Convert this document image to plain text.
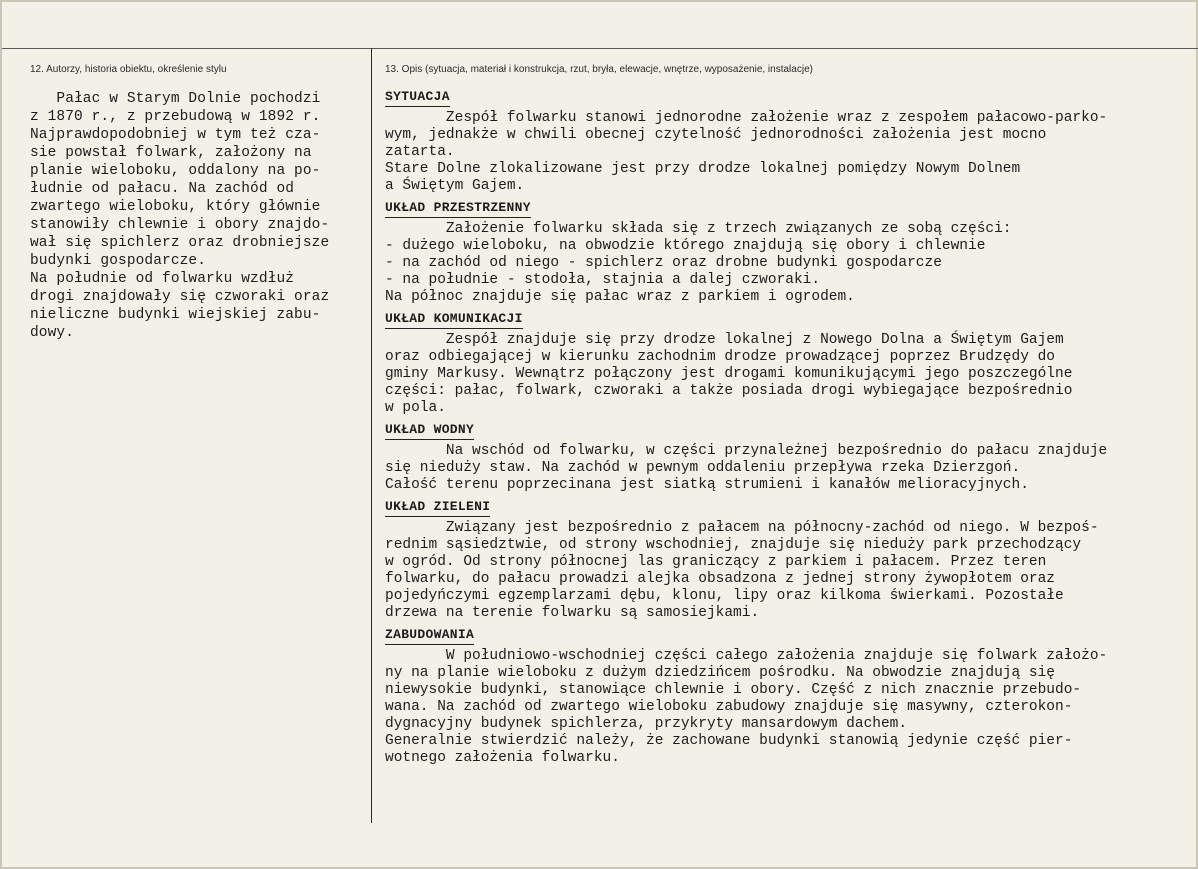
12. Autorzy, historia obiektu, określenie stylu	13. Opis (sytuacja, materiał i konstrukcja, rzut, bryła, elewacje, wnętrze, wyposażenie, instalacje)
Pałac w Starym Dolnie pochodzi
z 1870 r., z przebudową w 1892 r.
Najprawdopodobniej w tym też cza-
sie powstał folwark, założony na
planie wieloboku, oddalony na po-
łudnie od pałacu. Na zachód od
zwartego wieloboku, który głównie
stanowiły chlewnie i obory znajdo-
wał się spichlerz oraz drobniejsze
budynki gospodarcze.
Na południe od folwarku wzdłuż
drogi znajdowały się czworaki oraz
nieliczne budynki wiejskiej zabu-
dowy.
SYTUACJA
Zespół folwarku stanowi jednorodne założenie wraz z zespołem pałacowo-parko-
wym, jednakże w chwili obecnej czytelność jednorodności założenia jest mocno
zatarta.
Stare Dolne zlokalizowane jest przy drodze lokalnej pomiędzy Nowym Dolnem
a Świętym Gajem.
UKŁAD PRZESTRZENNY
Założenie folwarku składa się z trzech związanych ze sobą części:
- dużego wieloboku, na obwodzie którego znajdują się obory i chlewnie
- na zachód od niego - spichlerz oraz drobne budynki gospodarcze
- na południe - stodoła, stajnia a dalej czworaki.
Na północ znajduje się pałac wraz z parkiem i ogrodem.
UKŁAD KOMUNIKACJI
Zespół znajduje się przy drodze lokalnej z Nowego Dolna a Świętym Gajem
oraz odbiegającej w kierunku zachodnim drodze prowadzącej poprzez Brudzędy do
gminy Markusy. Wewnątrz połączony jest drogami komunikującymi jego poszczególne
części: pałac, folwark, czworaki a także posiada drogi wybiegające bezpośrednio
w pola.
UKŁAD WODNY
Na wschód od folwarku, w części przynależnej bezpośrednio do pałacu znajduje
się nieduży staw. Na zachód w pewnym oddaleniu przepływa rzeka Dzierzgoń.
Całość terenu poprzecinana jest siatką strumieni i kanałów melioracyjnych.
UKŁAD ZIELENI
Związany jest bezpośrednio z pałacem na północny-zachód od niego. W bezpoś-
rednim sąsiedztwie, od strony wschodniej, znajduje się nieduży park przechodzący
w ogród. Od strony północnej las graniczący z parkiem i pałacem. Przez teren
folwarku, do pałacu prowadzi alejka obsadzona z jednej strony żywopłotem oraz
pojedyńczymi egzemplarzami dębu, klonu, lipy oraz kilkoma świerkami. Pozostałe
drzewa na terenie folwarku są samosiejkami.
ZABUDOWANIA
W południowo-wschodniej części całego założenia znajduje się folwark założo-
ny na planie wieloboku z dużym dziedzińcem pośrodku. Na obwodzie znajdują się
niewysokie budynki, stanowiące chlewnie i obory. Część z nich znacznie przebudo-
wana. Na zachód od zwartego wieloboku zabudowy znajduje się masywny, czterokon-
dygnacyjny budynek spichlerza, przykryty mansardowym dachem.
Generalnie stwierdzić należy, że zachowane budynki stanowią jedynie część pier-
wotnego założenia folwarku.
